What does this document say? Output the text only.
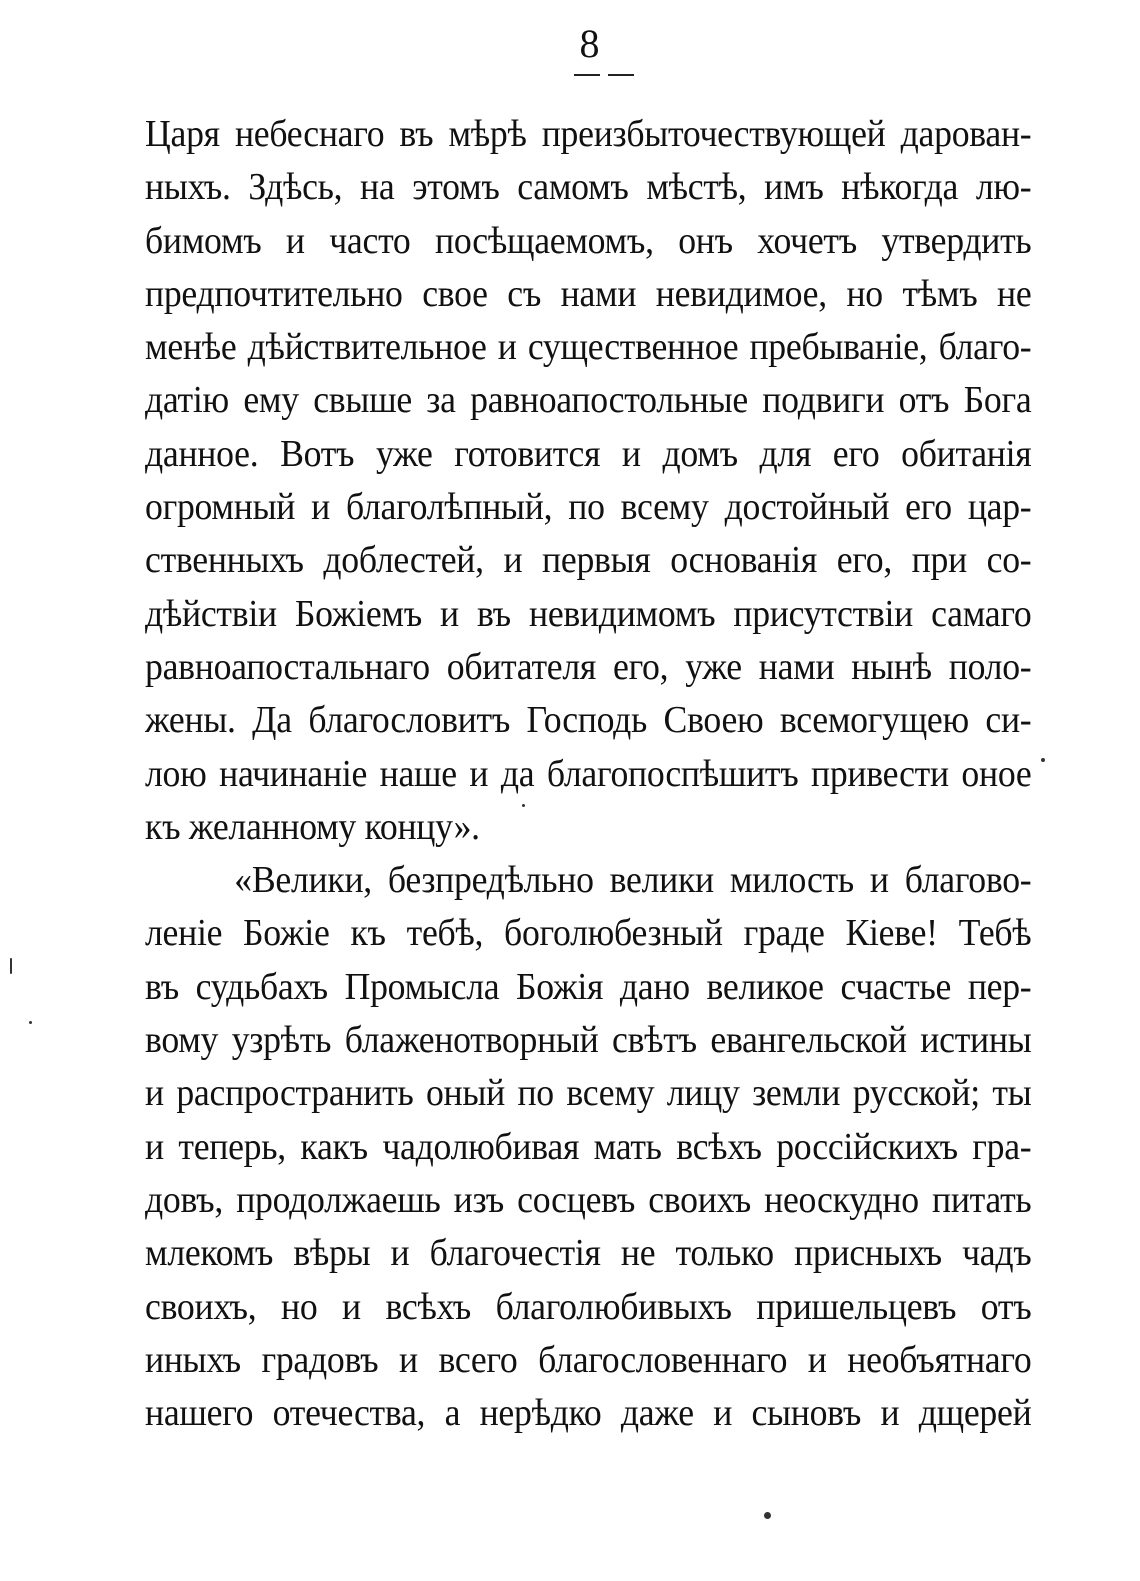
8
Царя небеснаго въ мѣрѣ преизбыточествующей дарован-
ныхъ. Здѣсь, на этомъ самомъ мѣстѣ, имъ нѣкогда лю-
бимомъ и часто посѣщаемомъ, онъ хочетъ утвердить
предпочтительно свое съ нами невидимое, но тѣмъ не
менѣе дѣйствительное и существенное пребываніе, благо-
датію ему свыше за равноапостольные подвиги отъ Бога
данное. Вотъ уже готовится и домъ для его обитанія
огромный и благолѣпный, по всему достойный его цар-
ственныхъ доблестей, и первыя основанія его, при со-
дѣйствіи Божіемъ и въ невидимомъ присутствіи самаго
равноапостальнаго обитателя его, уже нами нынѣ поло-
жены. Да благословитъ Господь Своею всемогущею си-
лою начинаніе наше и да благопоспѣшитъ привести оное
къ желанному концу».
«Велики, безпредѣльно велики милость и благово-
леніе Божіе къ тебѣ, боголюбезный граде Кіеве! Тебѣ
въ судьбахъ Промысла Божія дано великое счастье пер-
вому узрѣть блаженотворный свѣтъ евангельской истины
и распространить оный по всему лицу земли русской; ты
и теперь, какъ чадолюбивая мать всѣхъ россійскихъ гра-
довъ, продолжаешь изъ сосцевъ своихъ неоскудно питать
млекомъ вѣры и благочестія не только присныхъ чадъ
своихъ, но и всѣхъ благолюбивыхъ пришельцевъ отъ
иныхъ градовъ и всего благословеннаго и необъятнаго
нашего отечества, а нерѣдко даже и сыновъ и дщерей
